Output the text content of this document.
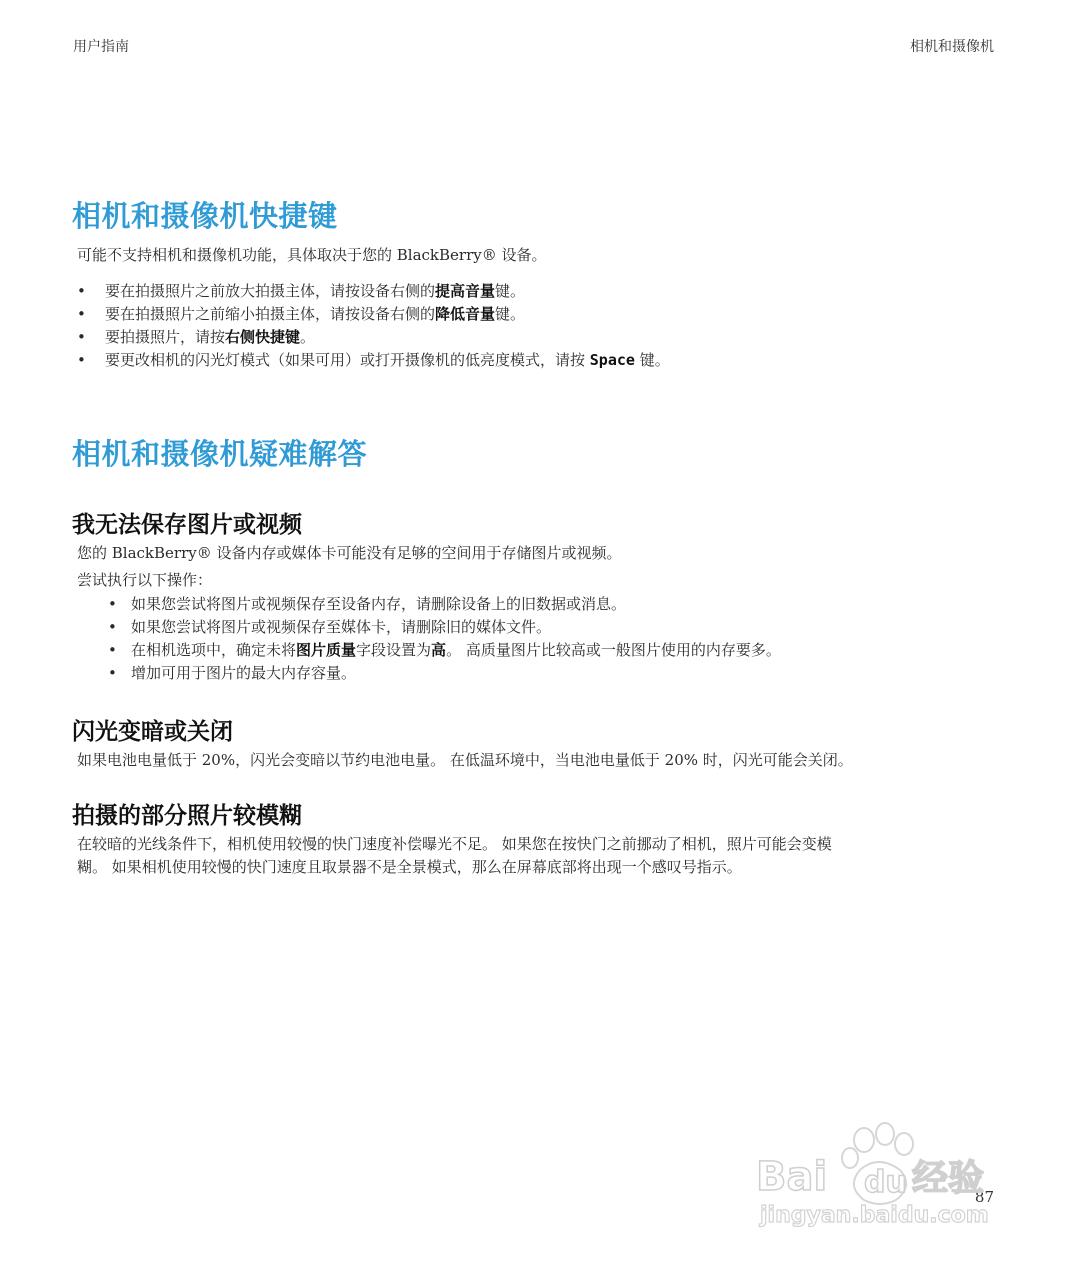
用户指南	相机和摄像机
相机和摄像机快捷键

可能不支持相机和摄像机功能，具体取决于您的 BlackBerry® 设备。

• 要在拍摄照片之前放大拍摄主体，请按设备右侧的提高音量键。
• 要在拍摄照片之前缩小拍摄主体，请按设备右侧的降低音量键。
• 要拍摄照片，请按右侧快捷键。
• 要更改相机的闪光灯模式（如果可用）或打开摄像机的低亮度模式，请按 Space 键。
相机和摄像机疑难解答
我无法保存图片或视频

您的 BlackBerry® 设备内存或媒体卡可能没有足够的空间用于存储图片或视频。

尝试执行以下操作：

• 如果您尝试将图片或视频保存至设备内存，请删除设备上的旧数据或消息。
• 如果您尝试将图片或视频保存至媒体卡，请删除旧的媒体文件。
• 在相机选项中，确定未将图片质量字段设置为高。 高质量图片比较高或一般图片使用的内存要多。
• 增加可用于图片的最大内存容量。
闪光变暗或关闭

如果电池电量低于 20%，闪光会变暗以节约电池电量。 在低温环境中，当电池电量低于 20% 时，闪光可能会关闭。

拍摄的部分照片较模糊

在较暗的光线条件下，相机使用较慢的快门速度补偿曝光不足。 如果您在按快门之前挪动了相机，照片可能会变模

糊。 如果相机使用较慢的快门速度且取景器不是全景模式，那么在屏幕底部将出现一个感叹号指示。

87
Bai du 经验
jingyan.baidu.com
